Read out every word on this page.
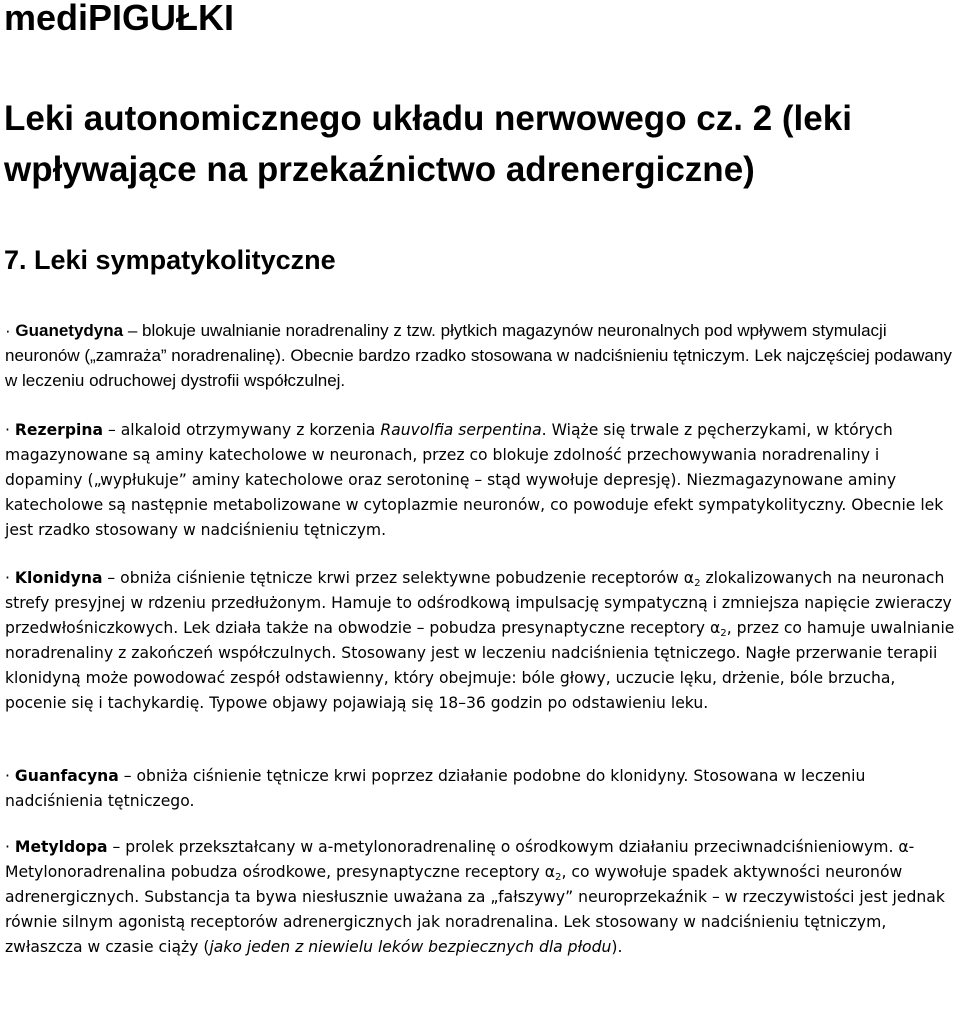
mediPIGUŁKI
Leki autonomicznego układu nerwowego cz. 2 (leki wpływające na przekaźnictwo adrenergiczne)
7. Leki sympatykolityczne

· Guanetydyna – blokuje uwalnianie noradrenaliny z tzw. płytkich magazynów neuronalnych pod wpływem stymulacji neuronów („zamraża” noradrenalinę). Obecnie bardzo rzadko stosowana w nadciśnieniu tętniczym. Lek najczęściej podawany w leczeniu odruchowej dystrofii współczulnej.

· Rezerpina – alkaloid otrzymywany z korzenia Rauvolfia serpentina. Wiąże się trwale z pęcherzykami, w których magazynowane są aminy katecholowe w neuronach, przez co blokuje zdolność przechowywania noradrenaliny i dopaminy („wypłukuje” aminy katecholowe oraz serotoninę – stąd wywołuje depresję). Niezmagazynowane aminy katecholowe są następnie metabolizowane w cytoplazmie neuronów, co powoduje efekt sympatykolityczny. Obecnie lek jest rzadko stosowany w nadciśnieniu tętniczym.

· Klonidyna – obniża ciśnienie tętnicze krwi przez selektywne pobudzenie receptorów $\alpha_2$ zlokalizowanych na neuronach strefy presyjnej w rdzeniu przedłużonym. Hamuje to odśrodkową impulsację sympatyczną i zmniejsza napięcie zwieraczy przedwłośniczkowych. Lek działa także na obwodzie – pobudza presynaptyczne receptory $\alpha_2$, przez co hamuje uwalnianie noradrenaliny z zakończeń współczulnych. Stosowany jest w leczeniu nadciśnienia tętniczego. Nagłe przerwanie terapii klonidyną może powodować zespół odstawienny, który obejmuje: bóle głowy, uczucie lęku, drżenie, bóle brzucha, pocenie się i tachykardię. Typowe objawy pojawiają się 18–36 godzin po odstawieniu leku.

· Guanfacyna – obniża ciśnienie tętnicze krwi poprzez działanie podobne do klonidyny. Stosowana w leczeniu nadciśnienia tętniczego.

· Metyldopa – prolek przekształcany w a-metylonoradrenalinę o ośrodkowym działaniu przeciwnadciśnieniowym. α-Metylonoradrenalina pobudza ośrodkowe, presynaptyczne receptory $\alpha_2$, co wywołuje spadek aktywności neuronów adrenergicznych. Substancja ta bywa niesłusznie uważana za „fałszywy” neuroprzekaźnik – w rzeczywistości jest jednak równie silnym agonistą receptorów adrenergicznych jak noradrenalina. Lek stosowany w nadciśnieniu tętniczym, zwłaszcza w czasie ciąży (jako jeden z niewielu leków bezpiecznych dla płodu).
